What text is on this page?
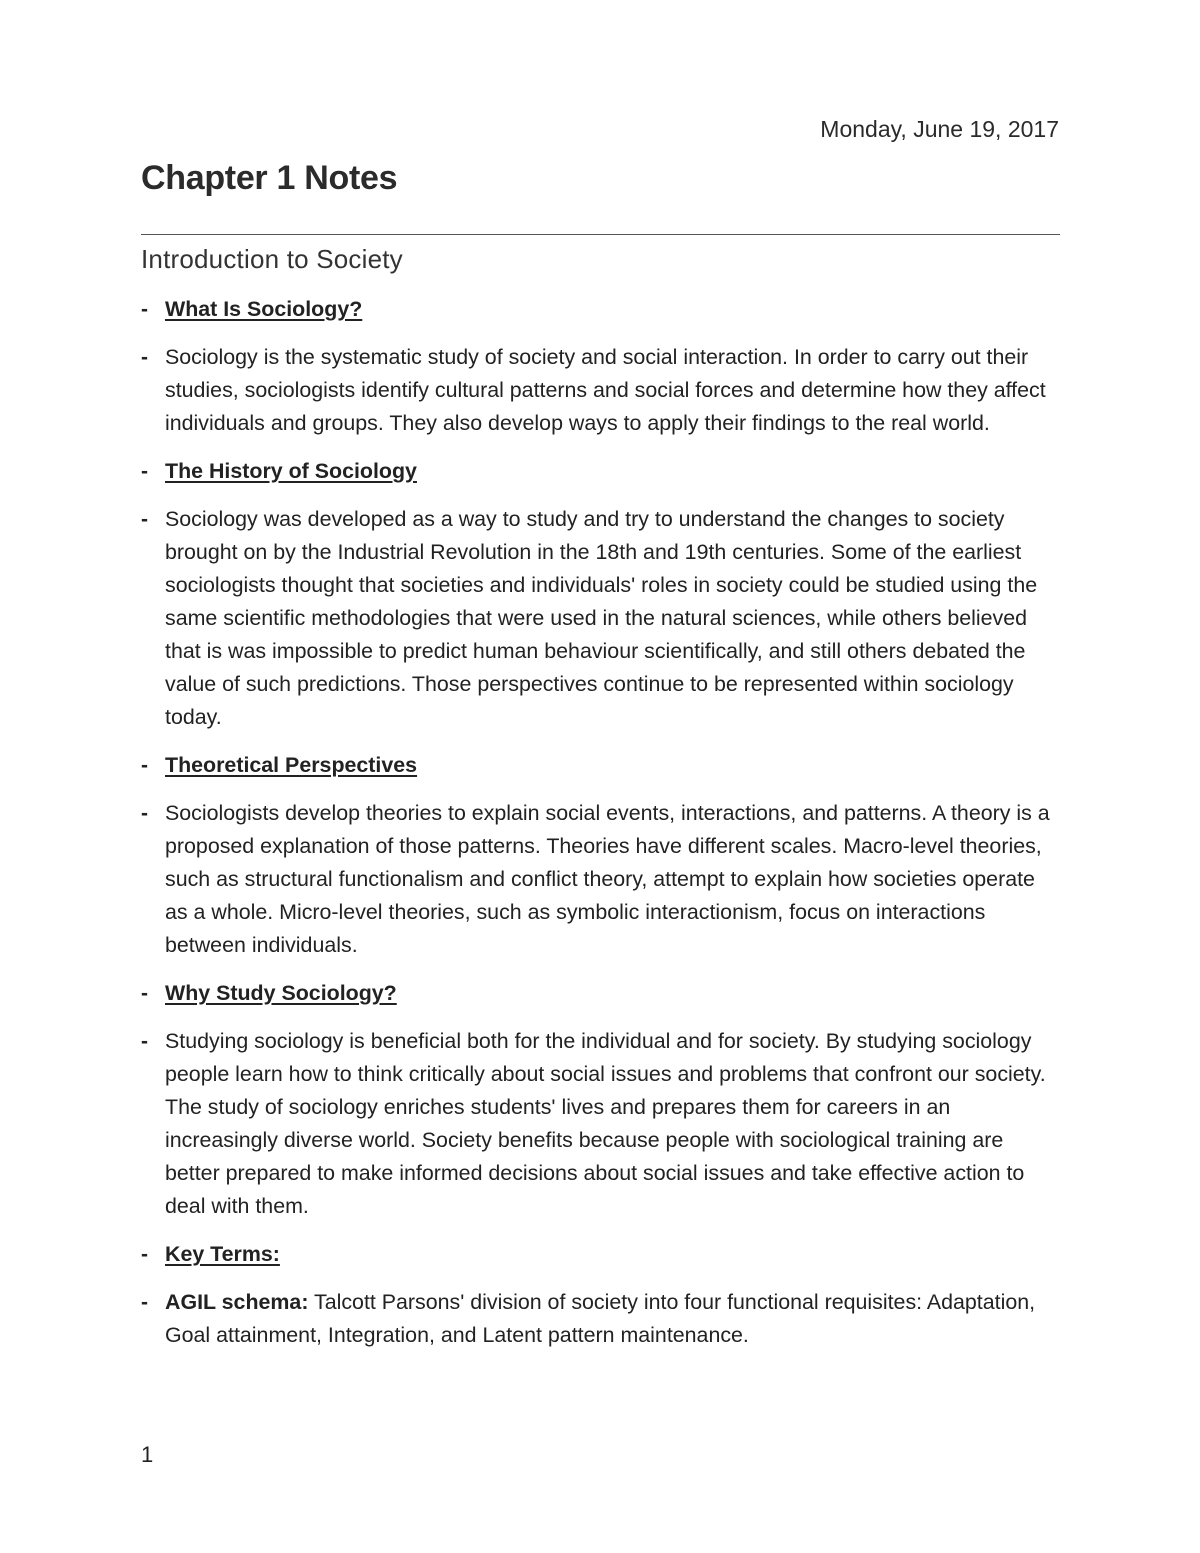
Monday, June 19, 2017
Chapter 1 Notes
Introduction to Society
- What Is Sociology?
- Sociology is the systematic study of society and social interaction. In order to carry out their studies, sociologists identify cultural patterns and social forces and determine how they affect individuals and groups. They also develop ways to apply their findings to the real world.
- The History of Sociology
- Sociology was developed as a way to study and try to understand the changes to society brought on by the Industrial Revolution in the 18th and 19th centuries. Some of the earliest sociologists thought that societies and individuals' roles in society could be studied using the same scientific methodologies that were used in the natural sciences, while others believed that is was impossible to predict human behaviour scientifically, and still others debated the value of such predictions. Those perspectives continue to be represented within sociology today.
- Theoretical Perspectives
- Sociologists develop theories to explain social events, interactions, and patterns. A theory is a proposed explanation of those patterns. Theories have different scales. Macro-level theories, such as structural functionalism and conflict theory, attempt to explain how societies operate as a whole. Micro-level theories, such as symbolic interactionism, focus on interactions between individuals.
- Why Study Sociology?
- Studying sociology is beneficial both for the individual and for society. By studying sociology people learn how to think critically about social issues and problems that confront our society. The study of sociology enriches students' lives and prepares them for careers in an increasingly diverse world. Society benefits because people with sociological training are better prepared to make informed decisions about social issues and take effective action to deal with them.
- Key Terms:
- AGIL schema: Talcott Parsons' division of society into four functional requisites: Adaptation, Goal attainment, Integration, and Latent pattern maintenance.
1
